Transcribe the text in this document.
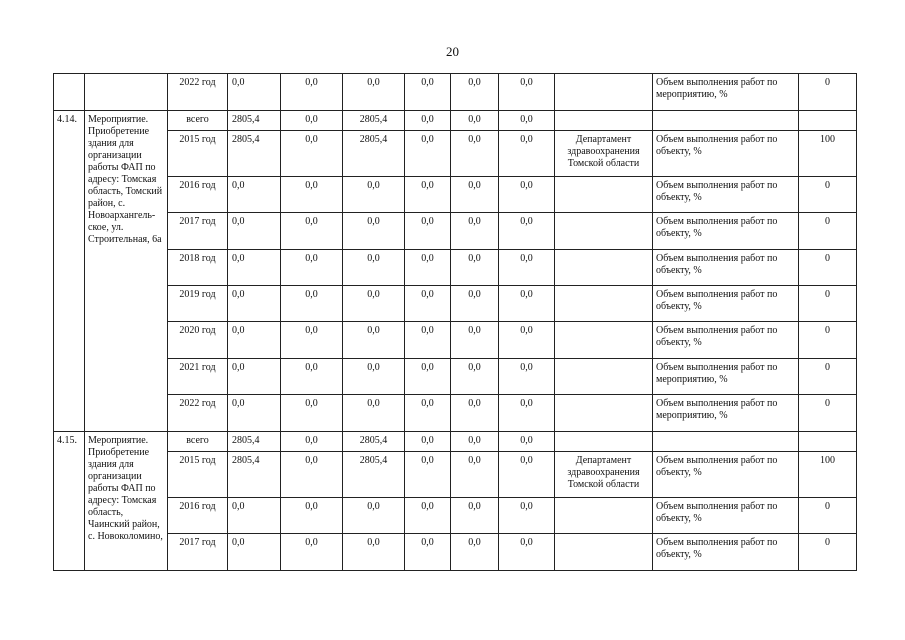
20
		2022 год	0,0	0,0	0,0	0,0	0,0	0,0		Объем выполнения работ по мероприятию, %	0
4.14.	Мероприятие. Приобретение здания для организации работы ФАП по адресу: Томская область, Томский район, с. Новоархангель-ское, ул. Строительная, 6а	всего	2805,4	0,0	2805,4	0,0	0,0	0,0			
		2015 год	2805,4	0,0	2805,4	0,0	0,0	0,0	Департамент здравоохранения Томской области	Объем выполнения работ по объекту, %	100
		2016 год	0,0	0,0	0,0	0,0	0,0	0,0		Объем выполнения работ по объекту, %	0
		2017 год	0,0	0,0	0,0	0,0	0,0	0,0		Объем выполнения работ по объекту, %	0
		2018 год	0,0	0,0	0,0	0,0	0,0	0,0		Объем выполнения работ по объекту, %	0
		2019 год	0,0	0,0	0,0	0,0	0,0	0,0		Объем выполнения работ по объекту, %	0
		2020 год	0,0	0,0	0,0	0,0	0,0	0,0		Объем выполнения работ по объекту, %	0
		2021 год	0,0	0,0	0,0	0,0	0,0	0,0		Объем выполнения работ по мероприятию, %	0
		2022 год	0,0	0,0	0,0	0,0	0,0	0,0		Объем выполнения работ по мероприятию, %	0
4.15.	Мероприятие. Приобретение здания для организации работы ФАП по адресу: Томская область, Чаинский район, с. Новоколомино,	всего	2805,4	0,0	2805,4	0,0	0,0	0,0			
		2015 год	2805,4	0,0	2805,4	0,0	0,0	0,0	Департамент здравоохранения Томской области	Объем выполнения работ по объекту, %	100
		2016 год	0,0	0,0	0,0	0,0	0,0	0,0		Объем выполнения работ по объекту, %	0
		2017 год	0,0	0,0	0,0	0,0	0,0	0,0		Объем выполнения работ по объекту, %	0
